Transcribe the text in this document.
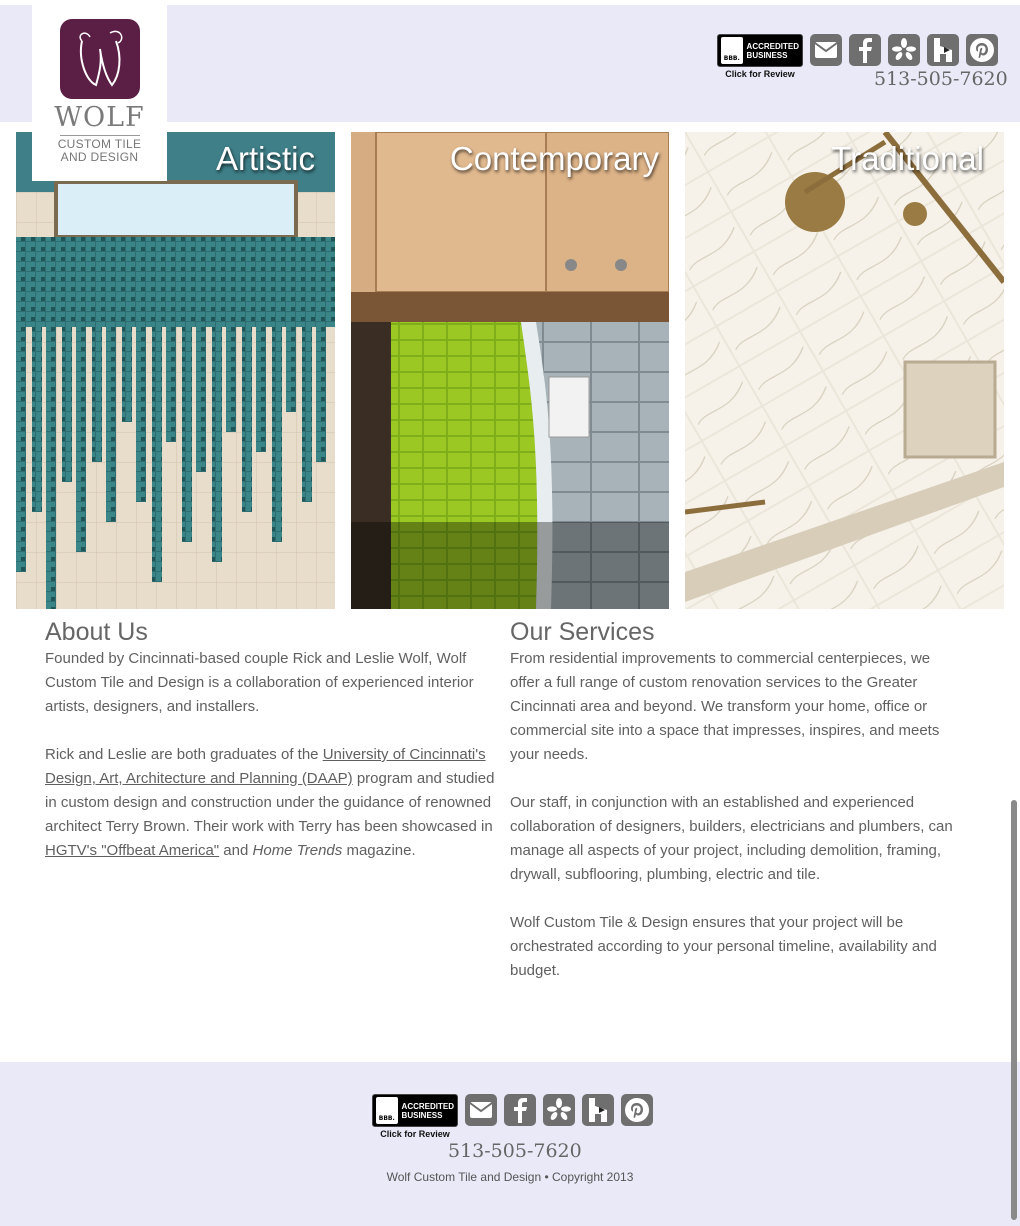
WOLF
CUSTOM TILE
AND DESIGN
BBB.
ACCREDITED
BUSINESS
Click for Review	513-505-7620
Artistic	Contemporary	Traditional
About Us

Founded by Cincinnati-based couple Rick and Leslie Wolf, Wolf Custom Tile and Design is a collaboration of experienced interior artists, designers, and installers.

Rick and Leslie are both graduates of the University of Cincinnati's Design, Art, Architecture and Planning (DAAP) program and studied in custom design and construction under the guidance of renowned architect Terry Brown. Their work with Terry has been showcased in HGTV's "Offbeat America" and Home Trends magazine.

Our Services

From residential improvements to commercial centerpieces, we offer a full range of custom renovation services to the Greater Cincinnati area and beyond. We transform your home, office or commercial site into a space that impresses, inspires, and meets your needs.

Our staff, in conjunction with an established and experienced collaboration of designers, builders, electricians and plumbers, can manage all aspects of your project, including demolition, framing, drywall, subflooring, plumbing, electric and tile.

Wolf Custom Tile & Design ensures that your project will be orchestrated according to your personal timeline, availability and budget.

BBB.
ACCREDITED
BUSINESS
Click for Review
513-505-7620
Wolf Custom Tile and Design • Copyright 2013
